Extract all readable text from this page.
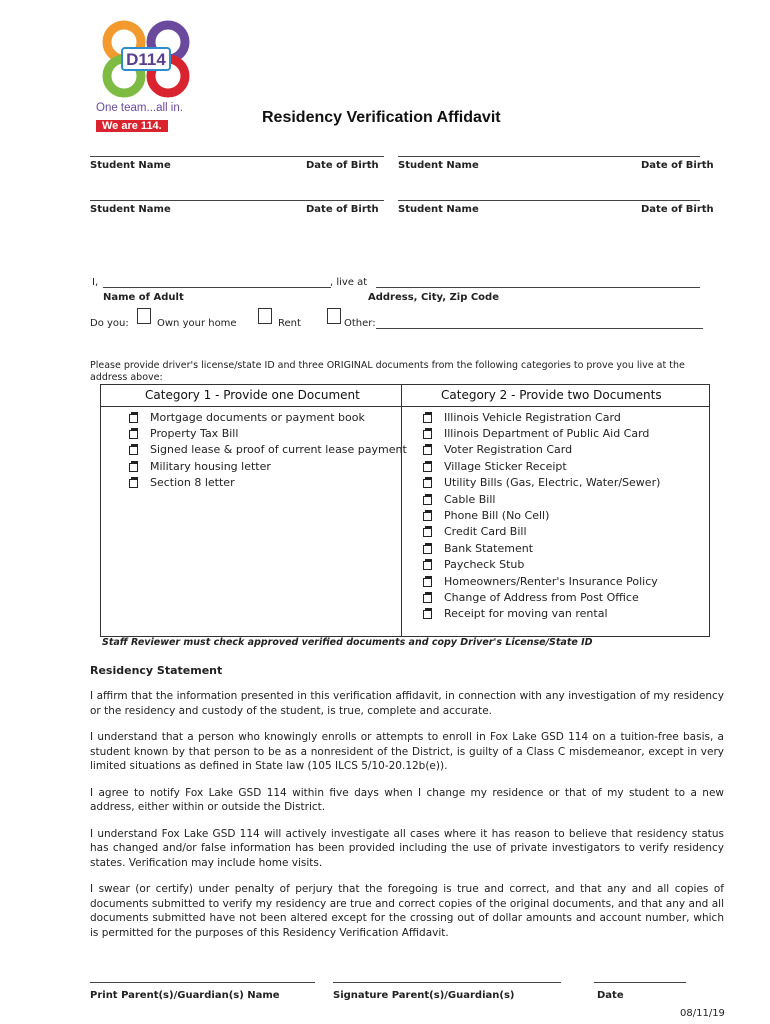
D114
One team...all in.
We are 114.	Residency Verification Affidavit
Student Name	Date of Birth Student Name	Date of Birth
Student Name	Date of Birth Student Name	Date of Birth
I,	, live at
Name of Adult	Address, City, Zip Code
Do you:	Own your home	Rent	Other:
Please provide driver's license/state ID and three ORIGINAL documents from the following categories to prove you live at the address above:
Category 1 - Provide one Document	Category 2 - Provide two Documents
Mortgage documents or payment book
Property Tax Bill
Signed lease & proof of current lease payment
Military housing letter
Section 8 letter
Illinois Vehicle Registration Card
Illinois Department of Public Aid Card
Voter Registration Card
Village Sticker Receipt
Utility Bills (Gas, Electric, Water/Sewer)
Cable Bill
Phone Bill (No Cell)
Credit Card Bill
Bank Statement
Paycheck Stub
Homeowners/Renter's Insurance Policy
Change of Address from Post Office
Receipt for moving van rental
Staff Reviewer must check approved verified documents and copy Driver's License/State ID
Residency Statement
I affirm that the information presented in this verification affidavit, in connection with any investigation of my residency or the residency and custody of the student, is true, complete and accurate.
I understand that a person who knowingly enrolls or attempts to enroll in Fox Lake GSD 114 on a tuition-free basis, a student known by that person to be as a nonresident of the District, is guilty of a Class C misdemeanor, except in very limited situations as defined in State law (105 ILCS 5/10-20.12b(e)).
I agree to notify Fox Lake GSD 114 within five days when I change my residence or that of my student to a new address, either within or outside the District.
I understand Fox Lake GSD 114 will actively investigate all cases where it has reason to believe that residency status has changed and/or false information has been provided including the use of private investigators to verify residency states. Verification may include home visits.
I swear (or certify) under penalty of perjury that the foregoing is true and correct, and that any and all copies of documents submitted to verify my residency are true and correct copies of the original documents, and that any and all documents submitted have not been altered except for the crossing out of dollar amounts and account number, which is permitted for the purposes of this Residency Verification Affidavit.
Print Parent(s)/Guardian(s) Name	Signature Parent(s)/Guardian(s)	Date
08/11/19
